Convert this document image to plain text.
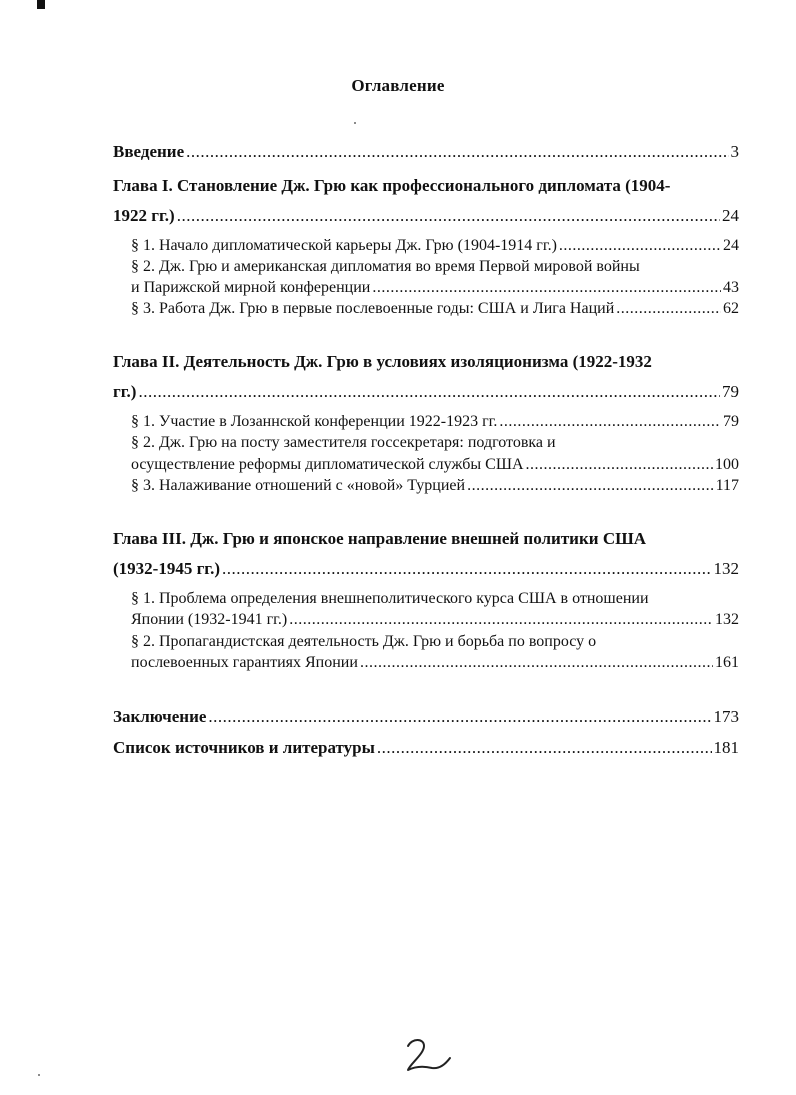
Оглавление
Введение .....	3
Глава I. Становление Дж. Грю как профессионального дипломата (1904-
1922 гг.) .....	24
§ 1. Начало дипломатической карьеры Дж. Грю (1904-1914 гг.) .....	24
§ 2. Дж. Грю и американская дипломатия во время Первой мировой войны
и Парижской мирной конференции .....	43
§ 3. Работа Дж. Грю в первые послевоенные годы: США и Лига Наций .....	62
Глава II. Деятельность Дж. Грю в условиях изоляционизма (1922-1932
гг.) .....	79
§ 1. Участие в Лозаннской конференции 1922-1923 гг. .....	79
§ 2. Дж. Грю на посту заместителя госсекретаря: подготовка и
осуществление реформы дипломатической службы США .....	100
§ 3. Налаживание отношений с «новой» Турцией .....	117
Глава III. Дж. Грю и японское направление внешней политики США
(1932-1945 гг.) .....	132
§ 1. Проблема определения внешнеполитического курса США в отношении
Японии (1932-1941 гг.) .....	132
§ 2. Пропагандистская деятельность Дж. Грю и борьба по вопросу о
послевоенных гарантиях Японии .....	161
Заключение .....	173
Список источников и литературы .....	181
